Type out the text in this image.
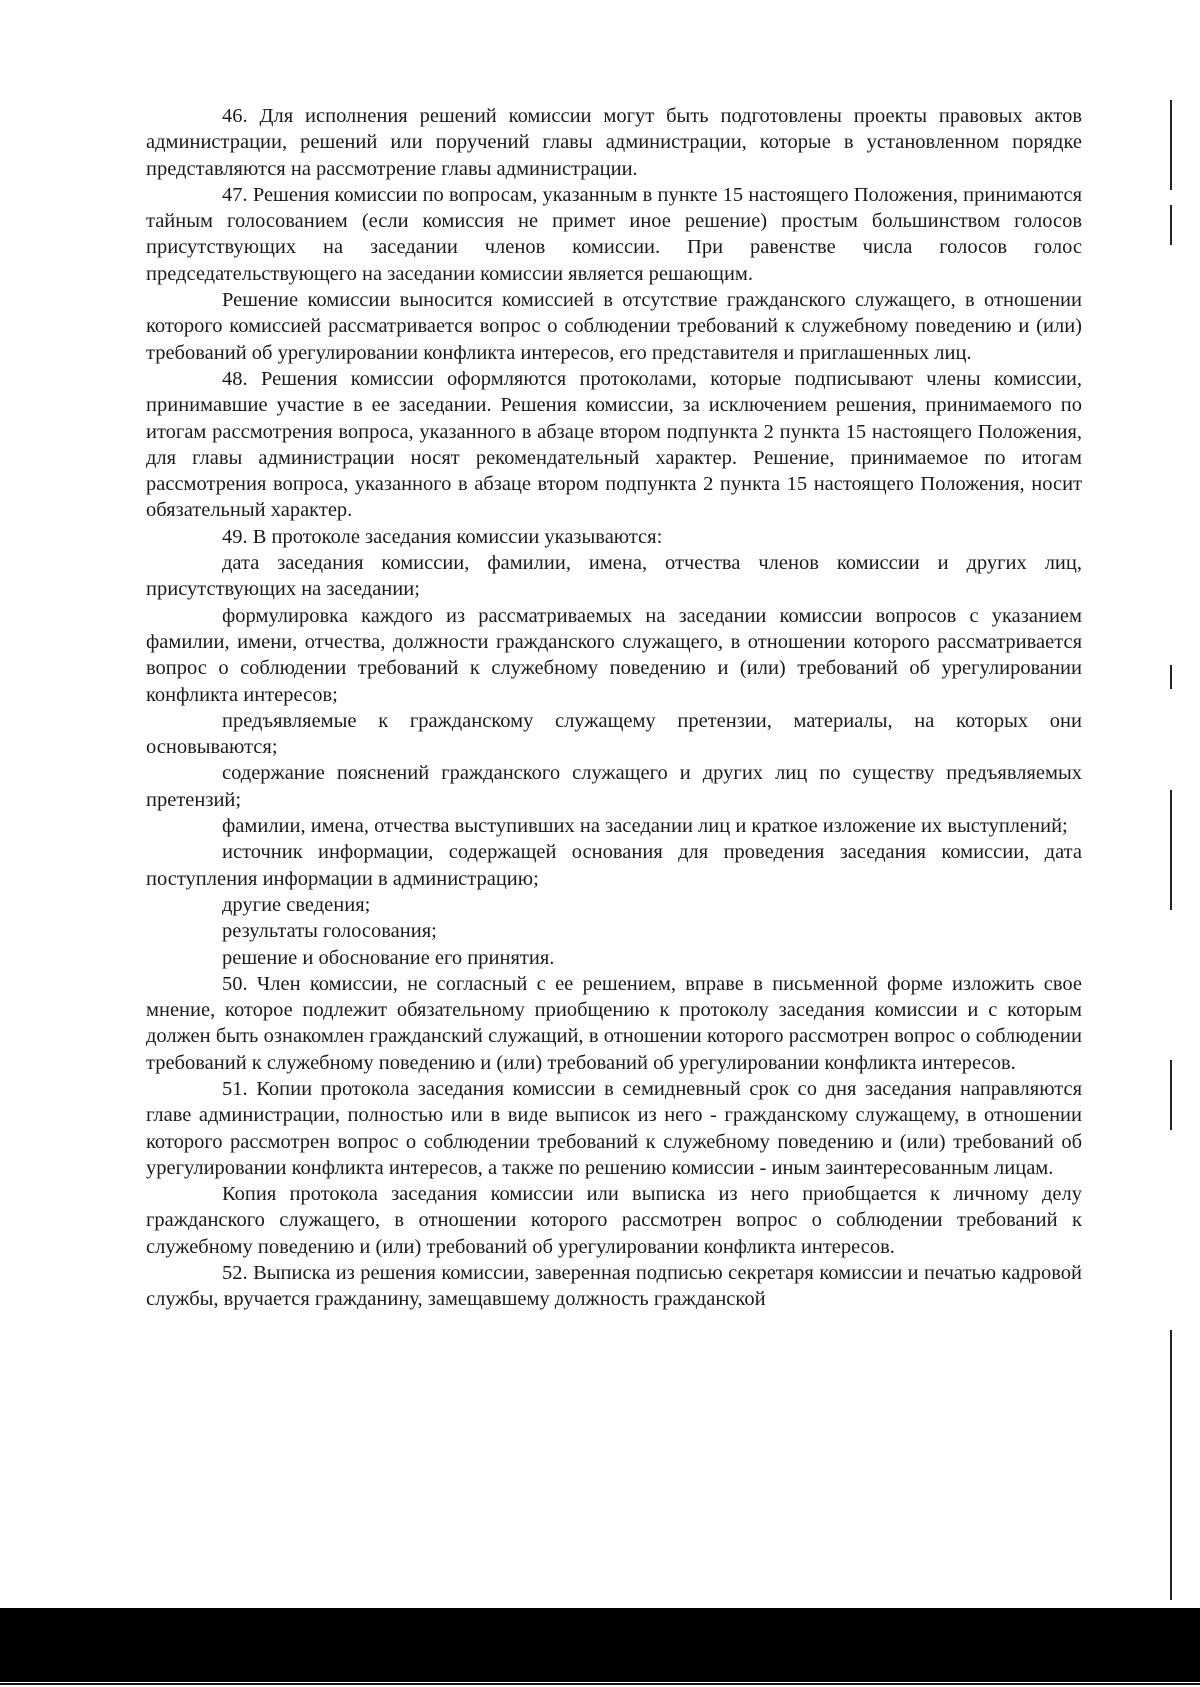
46. Для исполнения решений комиссии могут быть подготовлены проекты правовых актов администрации, решений или поручений главы администрации, которые в установленном порядке представляются на рассмотрение главы администрации.

47. Решения комиссии по вопросам, указанным в пункте 15 настоящего Положения, принимаются тайным голосованием (если комиссия не примет иное решение) простым большинством голосов присутствующих на заседании членов комиссии. При равенстве числа голосов голос председательствующего на заседании комиссии является решающим.

Решение комиссии выносится комиссией в отсутствие гражданского служащего, в отношении которого комиссией рассматривается вопрос о соблюдении требований к служебному поведению и (или) требований об урегулировании конфликта интересов, его представителя и приглашенных лиц.

48. Решения комиссии оформляются протоколами, которые подписывают члены комиссии, принимавшие участие в ее заседании. Решения комиссии, за исключением решения, принимаемого по итогам рассмотрения вопроса, указанного в абзаце втором подпункта 2 пункта 15 настоящего Положения, для главы администрации носят рекомендательный характер. Решение, принимаемое по итогам рассмотрения вопроса, указанного в абзаце втором подпункта 2 пункта 15 настоящего Положения, носит обязательный характер.

49. В протоколе заседания комиссии указываются:

дата заседания комиссии, фамилии, имена, отчества членов комиссии и других лиц, присутствующих на заседании;

формулировка каждого из рассматриваемых на заседании комиссии вопросов с указанием фамилии, имени, отчества, должности гражданского служащего, в отношении которого рассматривается вопрос о соблюдении требований к служебному поведению и (или) требований об урегулировании конфликта интересов;

предъявляемые к гражданскому служащему претензии, материалы, на которых они основываются;

содержание пояснений гражданского служащего и других лиц по существу предъявляемых претензий;

фамилии, имена, отчества выступивших на заседании лиц и краткое изложение их выступлений;

источник информации, содержащей основания для проведения заседания комиссии, дата поступления информации в администрацию;

другие сведения;

результаты голосования;

решение и обоснование его принятия.

50. Член комиссии, не согласный с ее решением, вправе в письменной форме изложить свое мнение, которое подлежит обязательному приобщению к протоколу заседания комиссии и с которым должен быть ознакомлен гражданский служащий, в отношении которого рассмотрен вопрос о соблюдении требований к служебному поведению и (или) требований об урегулировании конфликта интересов.

51. Копии протокола заседания комиссии в семидневный срок со дня заседания направляются главе администрации, полностью или в виде выписок из него - гражданскому служащему, в отношении которого рассмотрен вопрос о соблюдении требований к служебному поведению и (или) требований об урегулировании конфликта интересов, а также по решению комиссии - иным заинтересованным лицам.

Копия протокола заседания комиссии или выписка из него приобщается к личному делу гражданского служащего, в отношении которого рассмотрен вопрос о соблюдении требований к служебному поведению и (или) требований об урегулировании конфликта интересов.

52. Выписка из решения комиссии, заверенная подписью секретаря комиссии и печатью кадровой службы, вручается гражданину, замещавшему должность гражданской
